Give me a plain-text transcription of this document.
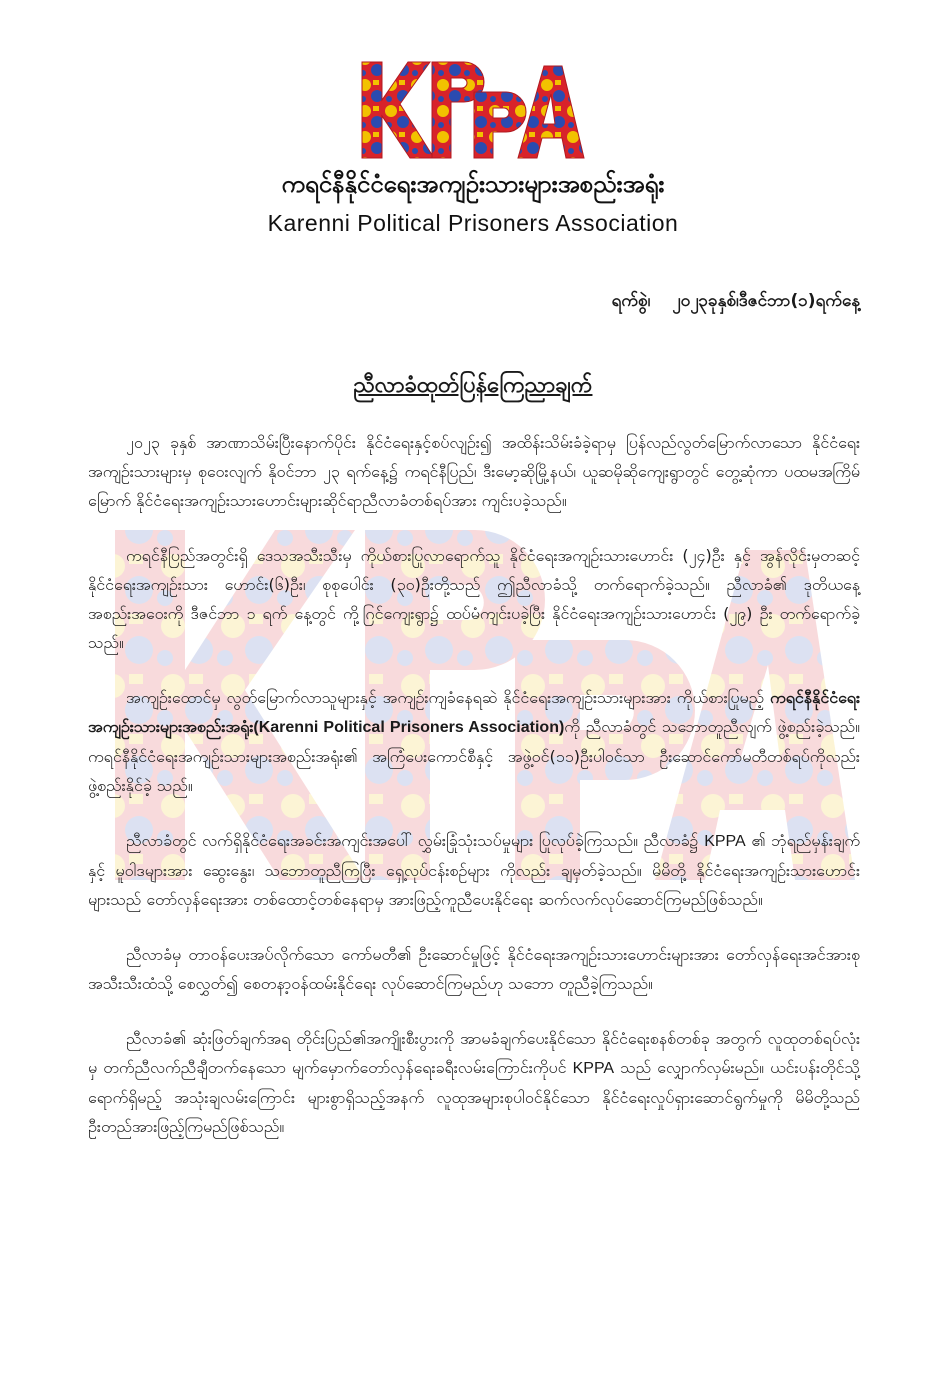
ကရင်နီနိုင်ငံရေးအကျဉ်းသားများအစည်းအရုံး
Karenni Political Prisoners Association
ရက်စွဲ၊ ၂၀၂၃ခုနှစ်၊ဒီဇင်ဘာ(၁)ရက်နေ့
ညီလာခံထုတ်ပြန်ကြေညာချက်

၂၀၂၃ ခုနှစ် အာဏာသိမ်းပြီးနောက်ပိုင်း နိုင်ငံရေးနှင့်စပ်လျဉ်း၍ အထိန်းသိမ်းခံခဲ့ရာမှ ပြန်လည်လွတ်မြောက်လာသော နိုင်ငံရေးအကျဉ်းသားများမှ စုဝေးလျက် နိုဝင်ဘာ ၂၃ ရက်နေ့၌ ကရင်နီပြည်၊ ဒီးမော့ဆိုမြို့နယ်၊ ယူဆမိုဆိုကျေးရွာတွင် တွေ့ဆုံကာ ပထမအကြိမ်မြောက် နိုင်ငံရေးအကျဉ်းသားဟောင်းများဆိုင်ရာညီလာခံတစ်ရပ်အား ကျင်းပခဲ့သည်။

ကရင်နီပြည်အတွင်းရှိ ဒေသအသီးသီးမှ ကိုယ်စားပြုလာရောက်သူ နိုင်ငံရေးအကျဉ်းသားဟောင်း (၂၄)ဦး နှင့် အွန်လိုင်းမှတဆင့် နိုင်ငံရေးအကျဉ်းသား ဟောင်း(၆)ဦး၊ စုစုပေါင်း (၃၀)ဦးတို့သည် ဤညီလာခံသို့ တက်ရောက်ခဲ့သည်။ ညီလာခံ၏ ဒုတိယနေ့ အစည်းအဝေးကို ဒီဇင်ဘာ ၁ ရက် နေ့တွင် ကို့ဂြင်ကျေးရွာ၌ ထပ်မံကျင်းပခဲ့ပြီး နိုင်ငံရေးအကျဉ်းသားဟောင်း (၂၉) ဦး တက်ရောက်ခဲ့သည်။

အကျဉ်းထောင်မှ လွတ်မြောက်လာသူများနှင့် အကျဉ်းကျခံနေရဆဲ နိုင်ငံရေးအကျဉ်းသားများအား ကိုယ်စားပြုမည့် ကရင်နီနိုင်ငံရေးအကျဉ်းသားများအစည်းအရုံး(Karenni Political Prisoners Association)ကို ညီလာခံတွင် သဘောတူညီလျက် ဖွဲ့စည်းခဲ့သည်။ ကရင်နီနိုင်ငံရေးအကျဉ်းသားများအစည်းအရုံး၏ အကြံပေးကောင်စီနှင့် အဖွဲ့ဝင်(၁၁)ဦးပါဝင်သာ ဦးဆောင်ကော်မတီတစ်ရပ်ကိုလည်း ဖွဲ့စည်းနိုင်ခဲ့ သည်။

ညီလာခံတွင် လက်ရှိနိုင်ငံရေးအခင်းအကျင်းအပေါ် လွှမ်းခြုံသုံးသပ်မှုများ ပြုလုပ်ခဲ့ကြသည်။ ညီလာခံ၌ KPPA ၏ ဘုံရည်မှန်းချက်နှင့် မူဝါဒများအား ဆွေးနွေး၊ သဘောတူညီကြပြီး ရှေ့လုပ်ငန်းစဉ်များ ကိုလည်း ချမှတ်ခဲ့သည်။ မိမိတို့ နိုင်ငံရေးအကျဉ်းသားဟောင်းများသည် တော်လှန်ရေးအား တစ်ထောင့်တစ်နေရာမှ အားဖြည့်ကူညီပေးနိုင်ရေး ဆက်လက်လုပ်ဆောင်ကြမည်ဖြစ်သည်။

ညီလာခံမှ တာဝန်ပေးအပ်လိုက်သော ကော်မတီ၏ ဦးဆောင်မှုဖြင့် နိုင်ငံရေးအကျဉ်းသားဟောင်းများအား တော်လှန်ရေးအင်အားစု အသီးသီးထံသို့ စေလွှတ်၍ စေတနာ့ဝန်ထမ်းနိုင်ရေး လုပ်ဆောင်ကြမည်ဟု သဘော တူညီခဲ့ကြသည်။

ညီလာခံ၏ ဆုံးဖြတ်ချက်အရ တိုင်းပြည်၏အကျိုးစီးပွားကို အာမခံချက်ပေးနိုင်သော နိုင်ငံရေးစနစ်တစ်ခု အတွက် လူထုတစ်ရပ်လုံးမှ တက်ညီလက်ညီချီတက်နေသော မျက်မှောက်တော်လှန်ရေးခရီးလမ်းကြောင်းကိုပင် KPPA သည် လျှောက်လှမ်းမည်။ ယင်းပန်းတိုင်သို့ ရောက်ရှိမည့် အသုံးချလမ်းကြောင်း များစွာရှိသည့်အနက် လူထုအများစုပါဝင်နိုင်သော နိုင်ငံရေးလှုပ်ရှားဆောင်ရွက်မှုကို မိမိတို့သည် ဦးတည်အားဖြည့်ကြမည်ဖြစ်သည်။
